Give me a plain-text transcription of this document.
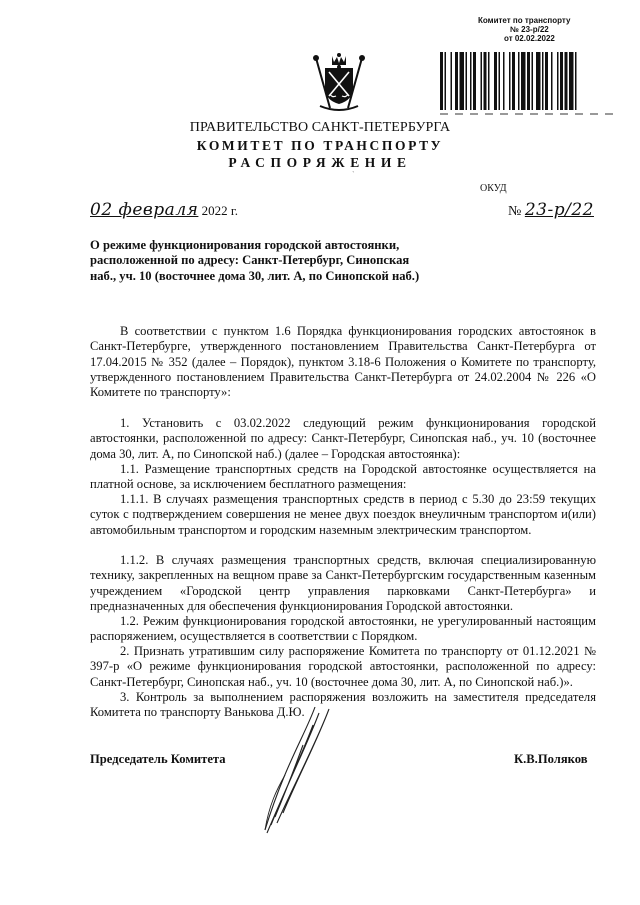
Комитет по транспорту
№ 23-р/22
от 02.02.2022
ПРАВИТЕЛЬСТВО САНКТ-ПЕТЕРБУРГА
КОМИТЕТ ПО ТРАНСПОРТУ
РАСПОРЯЖЕНИЕ
`
ОКУД
02 февраля 2022 г.	№ 23-р/22
О режиме функционирования городской автостоянки, расположенной по адресу: Санкт-Петербург, Синопская наб., уч. 10 (восточнее дома 30, лит. А, по Синопской наб.)
В соответствии с пунктом 1.6 Порядка функционирования городских автостоянок в Санкт-Петербурге, утвержденного постановлением Правительства Санкт-Петербурга от 17.04.2015 № 352 (далее – Порядок), пунктом 3.18-6 Положения о Комитете по транспорту, утвержденного постановлением Правительства Санкт-Петербурга от 24.02.2004 № 226 «О Комитете по транспорту»:
1. Установить с 03.02.2022 следующий режим функционирования городской автостоянки, расположенной по адресу: Санкт-Петербург, Синопская наб., уч. 10 (восточнее дома 30, лит. А, по Синопской наб.) (далее – Городская автостоянка):
1.1. Размещение транспортных средств на Городской автостоянке осуществляется на платной основе, за исключением бесплатного размещения:
1.1.1. В случаях размещения транспортных средств в период с 5.30 до 23:59 текущих суток с подтверждением совершения не менее двух поездок внеуличным транспортом и(или) автомобильным транспортом и городским наземным электрическим транспортом.
1.1.2. В случаях размещения транспортных средств, включая специализированную технику, закрепленных на вещном праве за Санкт-Петербургским государственным казенным учреждением «Городской центр управления парковками Санкт-Петербурга» и предназначенных для обеспечения функционирования Городской автостоянки.
1.2. Режим функционирования городской автостоянки, не урегулированный настоящим распоряжением, осуществляется в соответствии с Порядком.
2. Признать утратившим силу распоряжение Комитета по транспорту от 01.12.2021 № 397-р «О режиме функционирования городской автостоянки, расположенной по адресу: Санкт-Петербург, Синопская наб., уч. 10 (восточнее дома 30, лит. А, по Синопской наб.)».
3. Контроль за выполнением распоряжения возложить на заместителя председателя Комитета по транспорту Ванькова Д.Ю.
Председатель Комитета	К.В.Поляков
